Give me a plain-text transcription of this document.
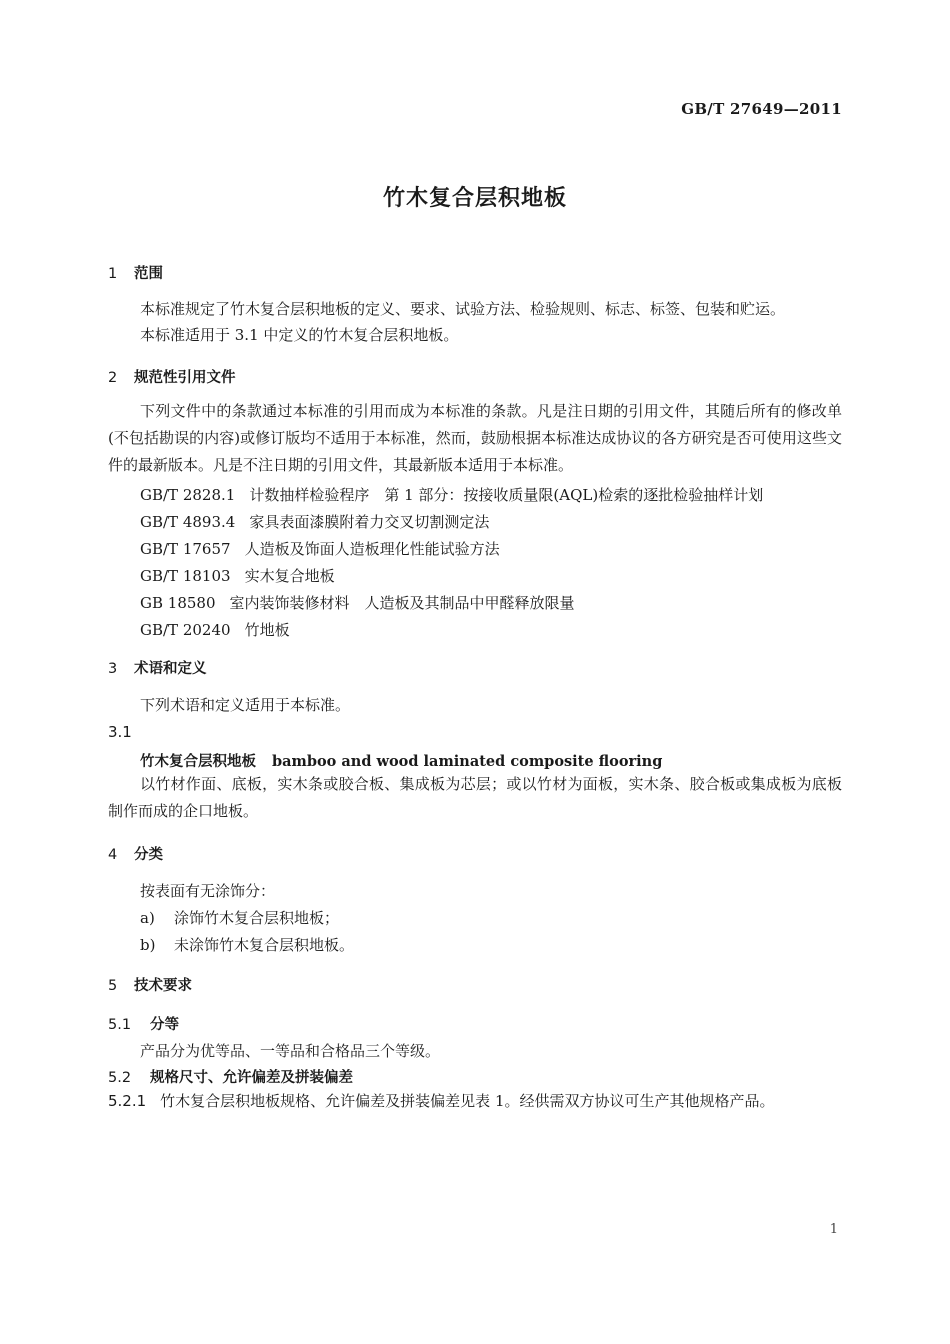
GB/T 27649—2011
竹木复合层积地板
1 范围
本标准规定了竹木复合层积地板的定义、要求、试验方法、检验规则、标志、标签、包装和贮运。
本标准适用于 3.1 中定义的竹木复合层积地板。
2 规范性引用文件
下列文件中的条款通过本标准的引用而成为本标准的条款。凡是注日期的引用文件，其随后所有的修改单(不包括勘误的内容)或修订版均不适用于本标准，然而，鼓励根据本标准达成协议的各方研究是否可使用这些文件的最新版本。凡是不注日期的引用文件，其最新版本适用于本标准。
GB/T 2828.1 计数抽样检验程序　第 1 部分：按接收质量限(AQL)检索的逐批检验抽样计划
GB/T 4893.4 家具表面漆膜附着力交叉切割测定法
GB/T 17657 人造板及饰面人造板理化性能试验方法
GB/T 18103 实木复合地板
GB 18580 室内装饰装修材料　人造板及其制品中甲醛释放限量
GB/T 20240 竹地板
3 术语和定义
下列术语和定义适用于本标准。
3.1
竹木复合层积地板 bamboo and wood laminated composite flooring
以竹材作面、底板，实木条或胶合板、集成板为芯层；或以竹材为面板，实木条、胶合板或集成板为底板制作而成的企口地板。
4 分类
按表面有无涂饰分：
a) 涂饰竹木复合层积地板；
b) 未涂饰竹木复合层积地板。
5 技术要求
5.1 分等
产品分为优等品、一等品和合格品三个等级。
5.2 规格尺寸、允许偏差及拼装偏差
5.2.1 竹木复合层积地板规格、允许偏差及拼装偏差见表 1。经供需双方协议可生产其他规格产品。
1
